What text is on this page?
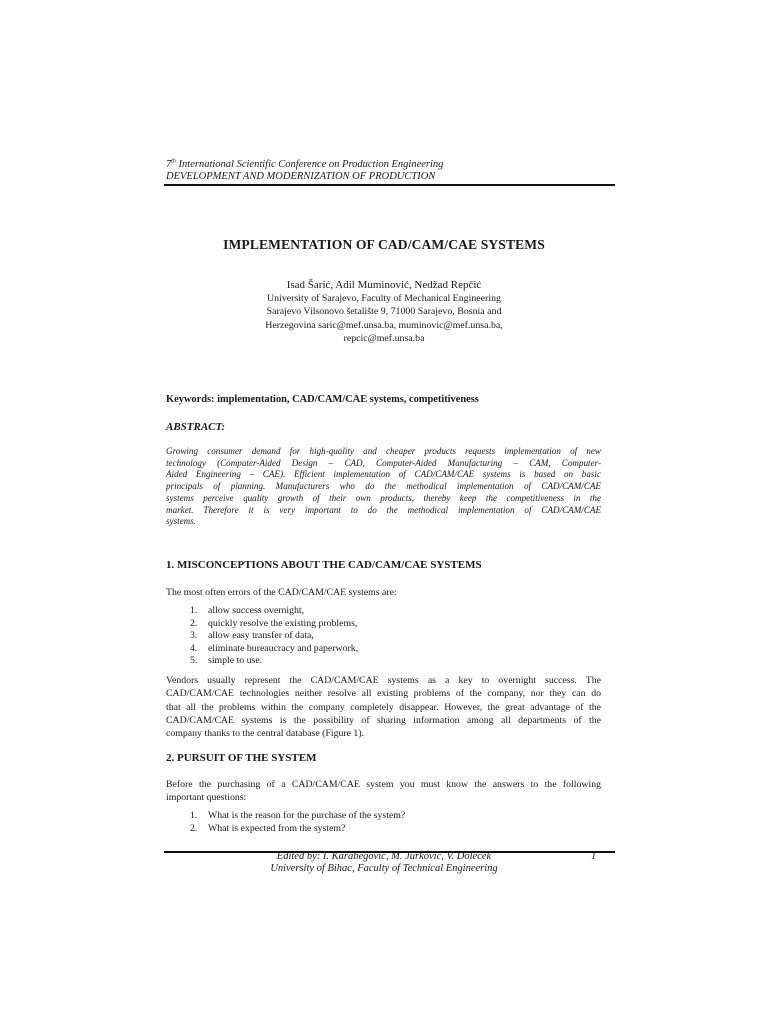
7th International Scientific Conference on Production Engineering
DEVELOPMENT AND MODERNIZATION OF PRODUCTION
IMPLEMENTATION OF CAD/CAM/CAE SYSTEMS
Isad Šarić, Adil Muminović, Nedžad Repčić
University of Sarajevo, Faculty of Mechanical Engineering
Sarajevo Vilsonovo šetalište 9, 71000 Sarajevo, Bosnia and
Herzegovina saric@mef.unsa.ba, muminovic@mef.unsa.ba,
repcic@mef.unsa.ba
Keywords: implementation, CAD/CAM/CAE systems, competitiveness
ABSTRACT:
Growing consumer demand for high-quality and cheaper products requests implementation of new
technology (Computer-Aided Design – CAD, Computer-Aided Manufacturing – CAM, Computer-
Aided Engineering – CAE). Efficient implementation of CAD/CAM/CAE systems is based on basic
principals of planning. Manufacturers who do the methodical implementation of CAD/CAM/CAE
systems perceive quality growth of their own products, thereby keep the competitiveness in the
market. Therefore it is very important to do the methodical implementation of CAD/CAM/CAE
systems.
1. MISCONCEPTIONS ABOUT THE CAD/CAM/CAE SYSTEMS
The most often errors of the CAD/CAM/CAE systems are:
1.	allow success overnight,
2.	quickly resolve the existing problems,
3.	allow easy transfer of data,
4.	eliminate bureaucracy and paperwork,
5.	simple to use.
Vendors usually represent the CAD/CAM/CAE systems as a key to overnight success. The
CAD/CAM/CAE technologies neither resolve all existing problems of the company, nor they can do
that all the problems within the company completely disappear. However, the great advantage of the
CAD/CAM/CAE systems is the possibility of sharing information among all departments of the
company thanks to the central database (Figure 1).
2. PURSUIT OF THE SYSTEM
Before the purchasing of a CAD/CAM/CAE system you must know the answers to the following
important questions:
1.	What is the reason for the purchase of the system?
2.	What is expected from the system?
Edited by: I. Karabegovic, M. Jurkovic, V. Dolecek	1
University of Bihac, Faculty of Technical Engineering
